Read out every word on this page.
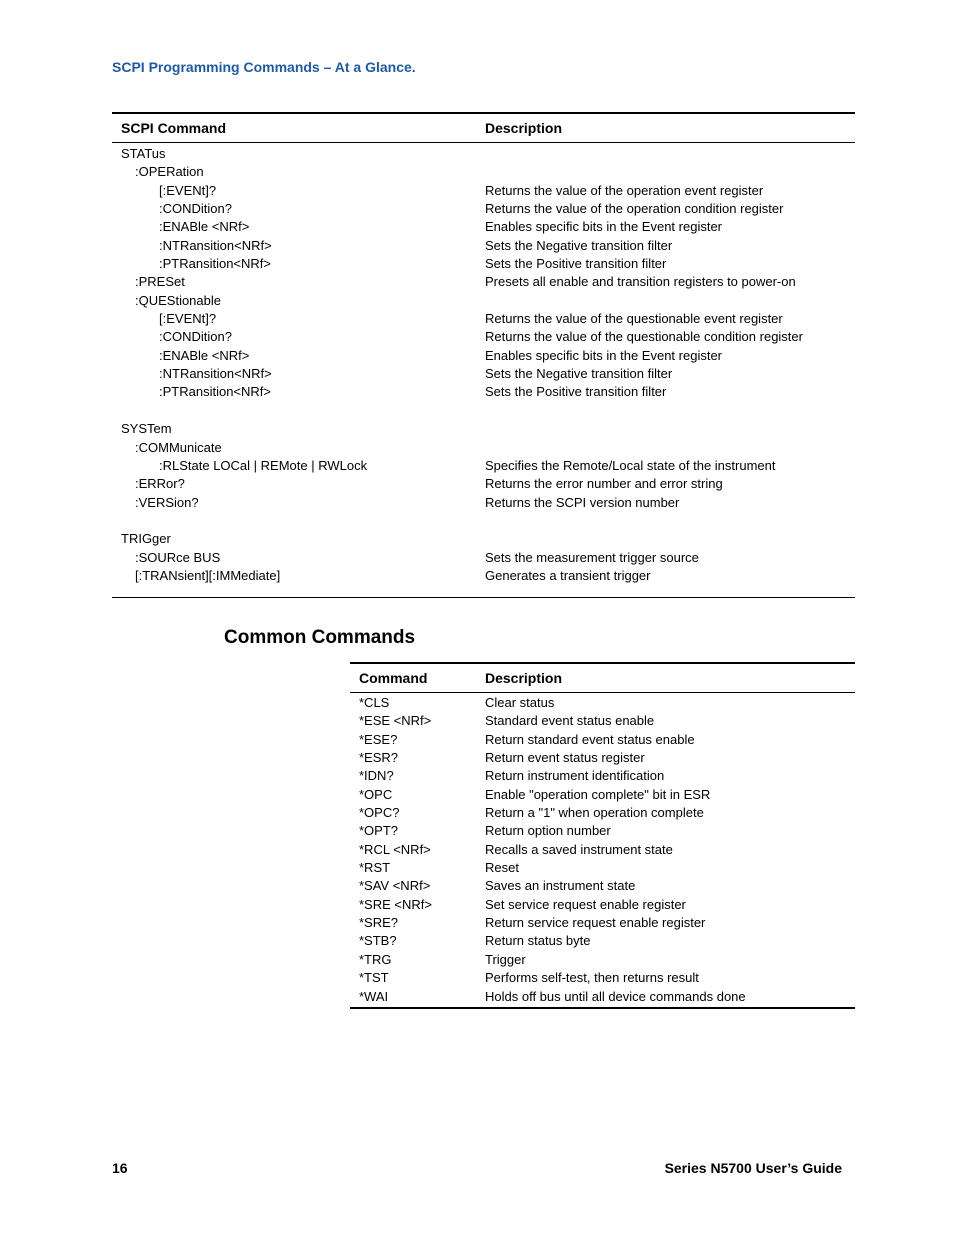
SCPI Programming Commands – At a Glance.
SCPI Command	Description
STATus
:OPERation
[:EVENt]?	Returns the value of the operation event register
:CONDition?	Returns the value of the operation condition register
:ENABle <NRf>	Enables specific bits in the Event register
:NTRansition<NRf>	Sets the Negative transition filter
:PTRansition<NRf>	Sets the Positive transition filter
:PRESet	Presets all enable and transition registers to power-on
:QUEStionable
[:EVENt]?	Returns the value of the questionable event register
:CONDition?	Returns the value of the questionable condition register
:ENABle <NRf>	Enables specific bits in the Event register
:NTRansition<NRf>	Sets the Negative transition filter
:PTRansition<NRf>	Sets the Positive transition filter
SYSTem
:COMMunicate
:RLState LOCal | REMote | RWLock	Specifies the Remote/Local state of the instrument
:ERRor?	Returns the error number and error string
:VERSion?	Returns the SCPI version number
TRIGger
:SOURce BUS	Sets the measurement trigger source
[:TRANsient][:IMMediate]	Generates a transient trigger
Common Commands
Command	Description
*CLS	Clear status
*ESE <NRf>	Standard event status enable
*ESE?	Return standard event status enable
*ESR?	Return event status register
*IDN?	Return instrument identification
*OPC	Enable "operation complete" bit in ESR
*OPC?	Return a "1" when operation complete
*OPT?	Return option number
*RCL <NRf>	Recalls a saved instrument state
*RST	Reset
*SAV <NRf>	Saves an instrument state
*SRE <NRf>	Set service request enable register
*SRE?	Return service request enable register
*STB?	Return status byte
*TRG	Trigger
*TST	Performs self-test, then returns result
*WAI	Holds off bus until all device commands done
16	Series N5700 User’s Guide
